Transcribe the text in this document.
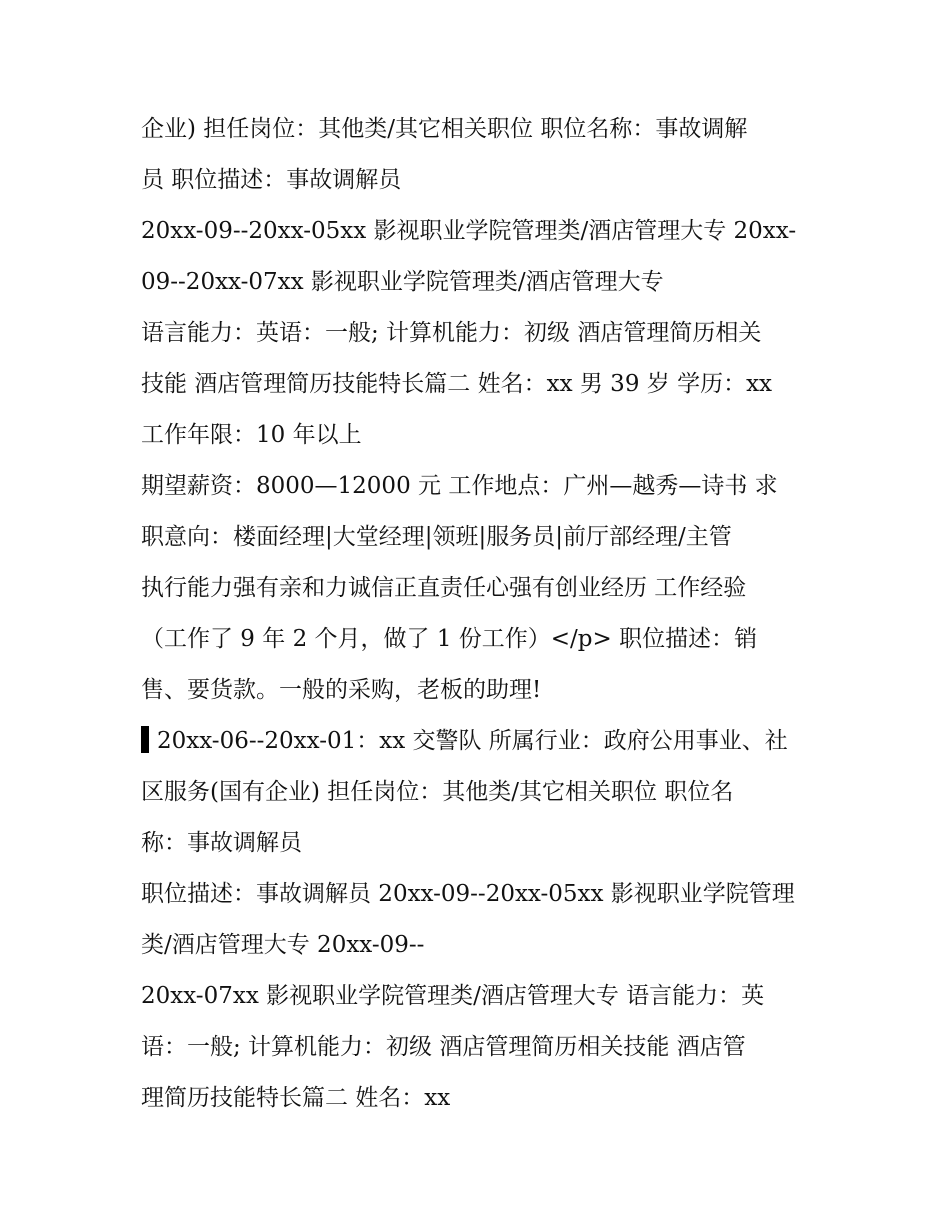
企业) 担任岗位：其他类/其它相关职位 职位名称：事故调解
员 职位描述：事故调解员
20xx-09--20xx-05xx 影视职业学院管理类/酒店管理大专 20xx-
09--20xx-07xx 影视职业学院管理类/酒店管理大专
语言能力：英语：一般; 计算机能力：初级 酒店管理简历相关
技能 酒店管理简历技能特长篇二 姓名：xx 男 39 岁 学历：xx
工作年限：10 年以上
期望薪资：8000—12000 元 工作地点：广州—越秀—诗书 求
职意向：楼面经理|大堂经理|领班|服务员|前厅部经理/主管
执行能力强有亲和力诚信正直责任心强有创业经历 工作经验
（工作了 9 年 2 个月，做了 1 份工作）</p> 职位描述：销
售、要货款。一般的采购，老板的助理!
20xx-06--20xx-01：xx 交警队 所属行业：政府公用事业、社
区服务(国有企业) 担任岗位：其他类/其它相关职位 职位名
称：事故调解员
职位描述：事故调解员 20xx-09--20xx-05xx 影视职业学院管理
类/酒店管理大专 20xx-09--
20xx-07xx 影视职业学院管理类/酒店管理大专 语言能力：英
语：一般; 计算机能力：初级 酒店管理简历相关技能 酒店管
理简历技能特长篇二 姓名：xx
